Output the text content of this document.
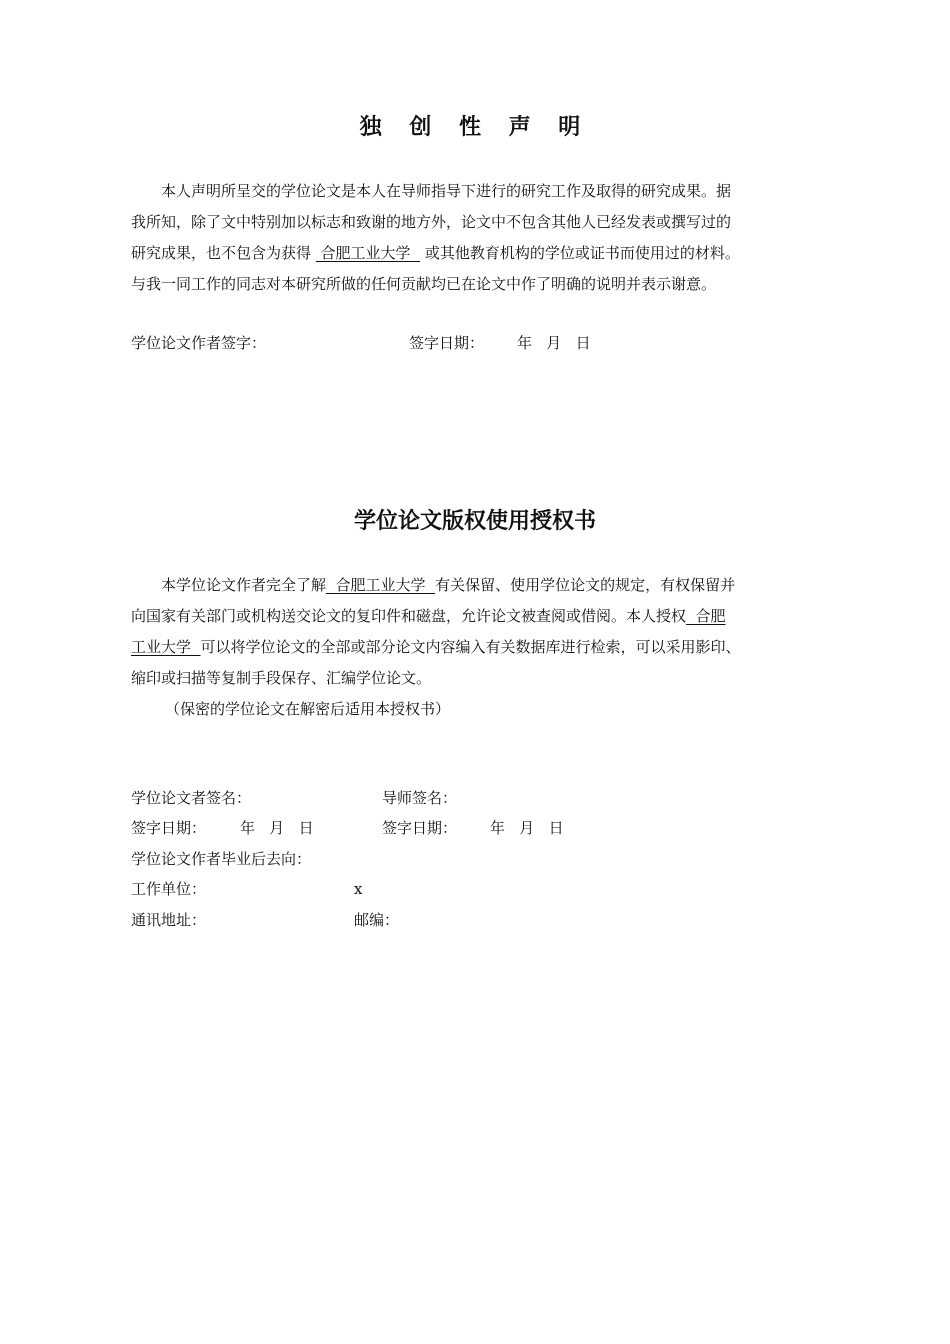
独 创 性 声 明
本人声明所呈交的学位论文是本人在导师指导下进行的研究工作及取得的研究成果。据
我所知，除了文中特别加以标志和致谢的地方外，论文中不包含其他人已经发表或撰写过的
研究成果，也不包含为获得  合肥工业大学   或其他教育机构的学位或证书而使用过的材料。
与我一同工作的同志对本研究所做的任何贡献均已在论文中作了明确的说明并表示谢意。
学位论文作者签字：	签字日期： 年   月   日
学位论文版权使用授权书
本学位论文作者完全了解  合肥工业大学  有关保留、使用学位论文的规定，有权保留并
向国家有关部门或机构送交论文的复印件和磁盘，允许论文被查阅或借阅。本人授权  合肥
工业大学  可以将学位论文的全部或部分论文内容编入有关数据库进行检索，可以采用影印、
缩印或扫描等复制手段保存、汇编学位论文。
（保密的学位论文在解密后适用本授权书）
学位论文者签名：	导师签名：
签字日期： 年   月   日	签字日期： 年   月   日
学位论文作者毕业后去向：
工作单位：	x
通讯地址：	邮编：
